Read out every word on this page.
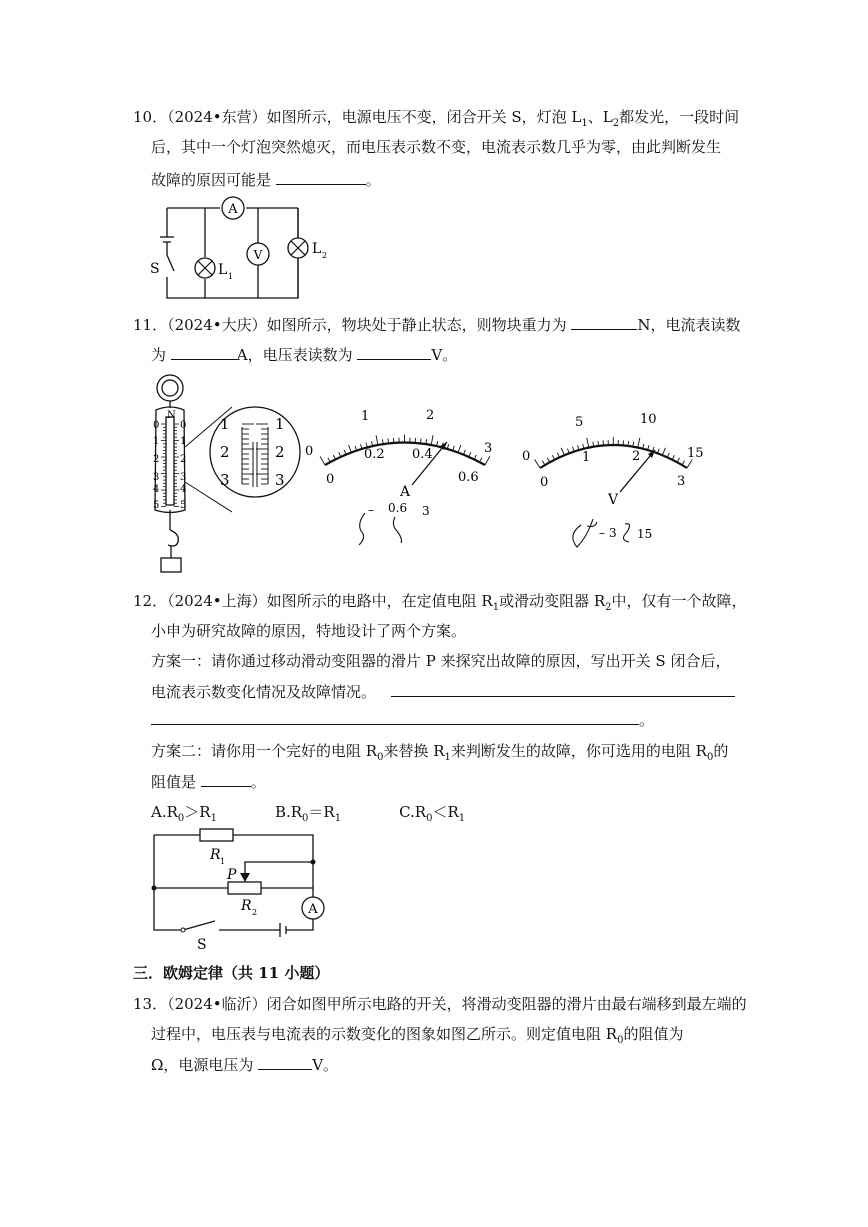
10．（2024•东营）如图所示，电源电压不变，闭合开关 S，灯泡 $L_1$、$L_2$都发光，一段时间
后，其中一个灯泡突然熄灭，而电压表示数不变，电流表示数几乎为零，由此判断发生
故障的原因可能是	。
A
V
L 1
L 2
S
11．（2024•大庆）如图所示，物块处于静止状态，则物块重力为	N，电流表读数
为	A，电压表读数为	V。
N
0
1
2
3
4
5
0
1
2
3
4
5
1
2
3
1
2
3
0
1	2
3
0
0.2 0.4
0.6
A
– 0.6 3
0
5	10
15
0
1	2
3
V
– 3 15
12．（2024•上海）如图所示的电路中，在定值电阻 $R_1$或滑动变阻器 $R_2$中，仅有一个故障，
小申为研究故障的原因，特地设计了两个方案。
方案一：请你通过移动滑动变阻器的滑片 P 来探究出故障的原因，写出开关 S 闭合后，
电流表示数变化情况及故障情况。
。
方案二：请你用一个完好的电阻 $R_0$来替换 $R_1$来判断发生的故障，你可选用的电阻 $R_0$的
阻值是	。
$A.R_0>R_1$	$B.R_0=R_1$	$C.R_0<R_1$
A
R 1
P
R 2
S
三．欧姆定律（共 11 小题）
13．（2024•临沂）闭合如图甲所示电路的开关，将滑动变阻器的滑片由最右端移到最左端的
过程中，电压表与电流表的示数变化的图象如图乙所示。则定值电阻 $R_0$的阻值为
Ω，电源电压为	V。
